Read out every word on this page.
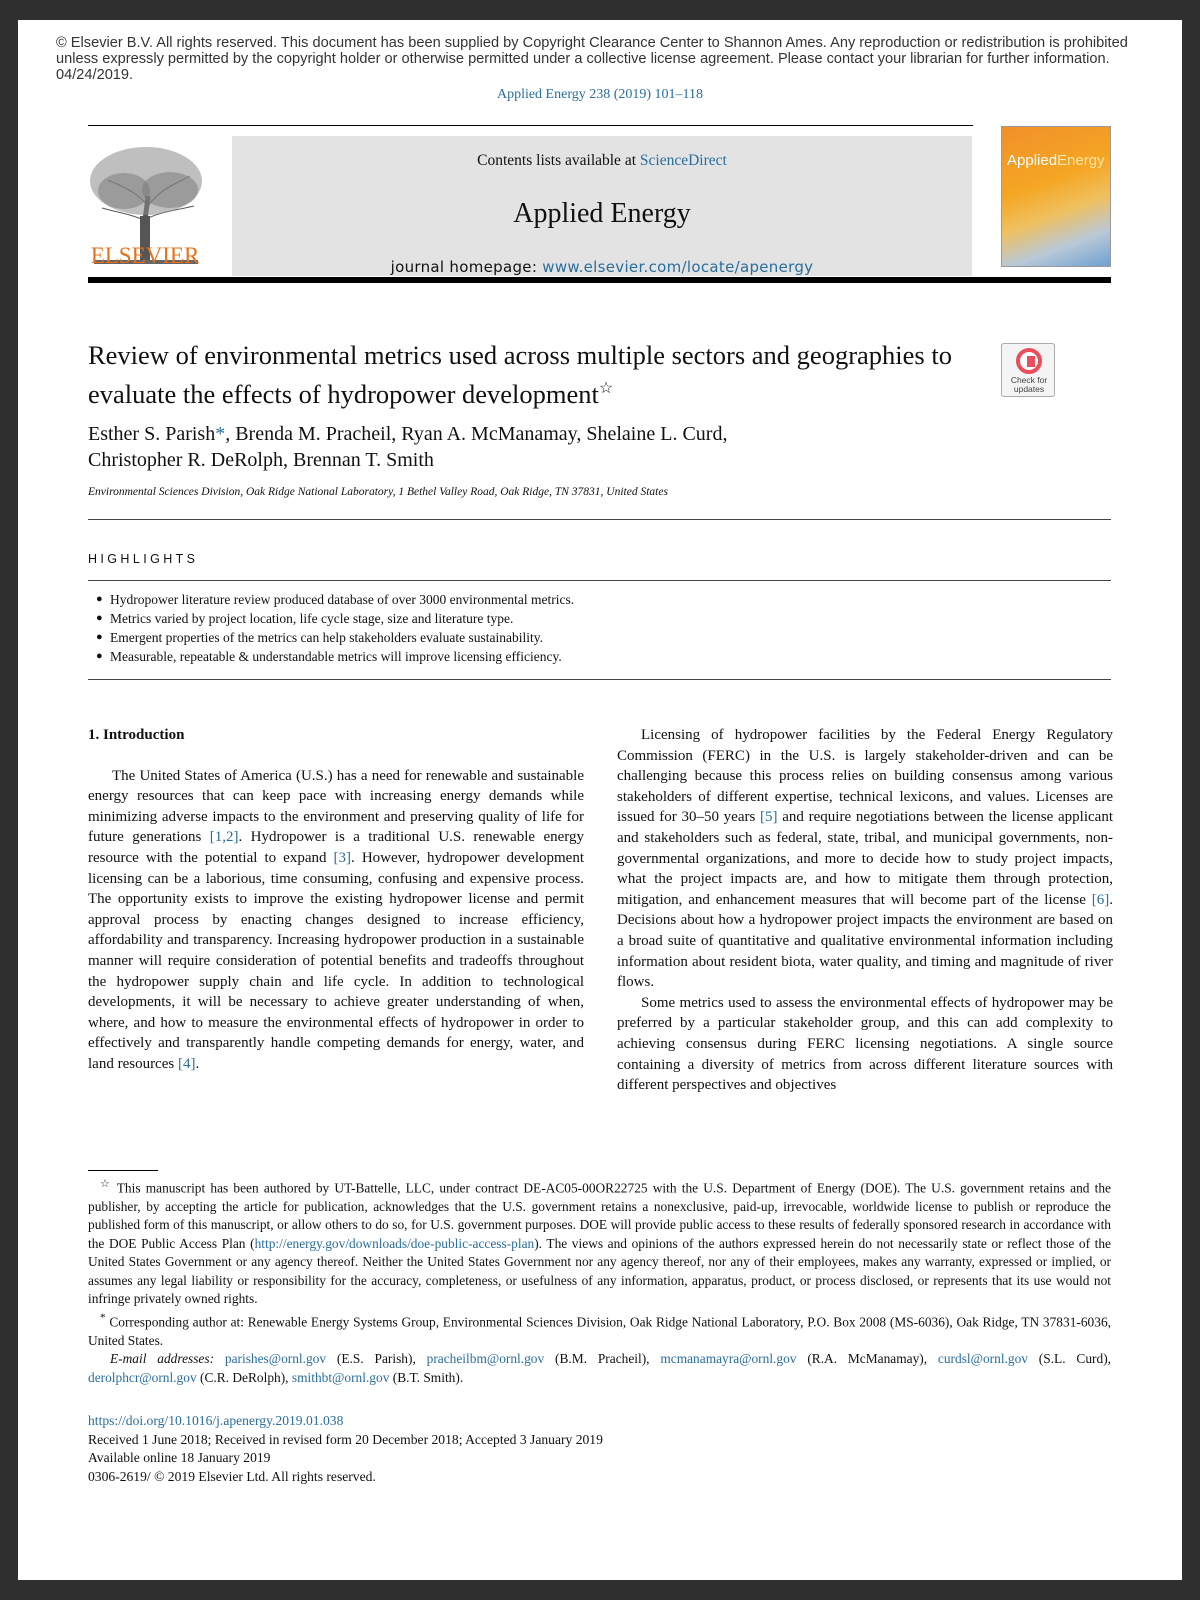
© Elsevier B.V. All rights reserved. This document has been supplied by Copyright Clearance Center to Shannon Ames. Any reproduction or redistribution is prohibited unless expressly permitted by the copyright holder or otherwise permitted under a collective license agreement. Please contact your librarian for further information. 04/24/2019.
Applied Energy 238 (2019) 101–118
ELSEVIER
Contents lists available at ScienceDirect
Applied Energy
journal homepage: www.elsevier.com/locate/apenergy
AppliedEnergy
Review of environmental metrics used across multiple sectors and geographies to evaluate the effects of hydropower development☆	Check for
updates
Esther S. Parish*, Brenda M. Pracheil, Ryan A. McManamay, Shelaine L. Curd,
Christopher R. DeRolph, Brennan T. Smith
Environmental Sciences Division, Oak Ridge National Laboratory, 1 Bethel Valley Road, Oak Ridge, TN 37831, United States
HIGHLIGHTS
● Hydropower literature review produced database of over 3000 environmental metrics.
● Metrics varied by project location, life cycle stage, size and literature type.
● Emergent properties of the metrics can help stakeholders evaluate sustainability.
● Measurable, repeatable & understandable metrics will improve licensing efficiency.
1. Introduction

The United States of America (U.S.) has a need for renewable and sustainable energy resources that can keep pace with increasing energy demands while minimizing adverse impacts to the environment and preserving quality of life for future generations [1,2]. Hydropower is a traditional U.S. renewable energy resource with the potential to expand [3]. However, hydropower development licensing can be a laborious, time consuming, confusing and expensive process. The opportunity exists to improve the existing hydropower license and permit approval process by enacting changes designed to increase efficiency, affordability and transparency. Increasing hydropower production in a sustainable manner will require consideration of potential benefits and tradeoffs throughout the hydropower supply chain and life cycle. In addition to technological developments, it will be necessary to achieve greater understanding of when, where, and how to measure the environmental effects of hydropower in order to effectively and transparently handle competing demands for energy, water, and land resources [4].

Licensing of hydropower facilities by the Federal Energy Regulatory Commission (FERC) in the U.S. is largely stakeholder-driven and can be challenging because this process relies on building consensus among various stakeholders of different expertise, technical lexicons, and values. Licenses are issued for 30–50 years [5] and require negotiations between the license applicant and stakeholders such as federal, state, tribal, and municipal governments, non-governmental organizations, and more to decide how to study project impacts, what the project impacts are, and how to mitigate them through protection, mitigation, and enhancement measures that will become part of the license [6]. Decisions about how a hydropower project impacts the environment are based on a broad suite of quantitative and qualitative environmental information including information about resident biota, water quality, and timing and magnitude of river flows.

Some metrics used to assess the environmental effects of hydropower may be preferred by a particular stakeholder group, and this can add complexity to achieving consensus during FERC licensing negotiations. A single source containing a diversity of metrics from across different literature sources with different perspectives and objectives

☆ This manuscript has been authored by UT-Battelle, LLC, under contract DE-AC05-00OR22725 with the U.S. Department of Energy (DOE). The U.S. government retains and the publisher, by accepting the article for publication, acknowledges that the U.S. government retains a nonexclusive, paid-up, irrevocable, worldwide license to publish or reproduce the published form of this manuscript, or allow others to do so, for U.S. government purposes. DOE will provide public access to these results of federally sponsored research in accordance with the DOE Public Access Plan (http://energy.gov/downloads/doe-public-access-plan). The views and opinions of the authors expressed herein do not necessarily state or reflect those of the United States Government or any agency thereof. Neither the United States Government nor any agency thereof, nor any of their employees, makes any warranty, expressed or implied, or assumes any legal liability or responsibility for the accuracy, completeness, or usefulness of any information, apparatus, product, or process disclosed, or represents that its use would not infringe privately owned rights.

* Corresponding author at: Renewable Energy Systems Group, Environmental Sciences Division, Oak Ridge National Laboratory, P.O. Box 2008 (MS-6036), Oak Ridge, TN 37831-6036, United States.

E-mail addresses: parishes@ornl.gov (E.S. Parish), pracheilbm@ornl.gov (B.M. Pracheil), mcmanamayra@ornl.gov (R.A. McManamay), curdsl@ornl.gov (S.L. Curd), derolphcr@ornl.gov (C.R. DeRolph), smithbt@ornl.gov (B.T. Smith).

https://doi.org/10.1016/j.apenergy.2019.01.038
Received 1 June 2018; Received in revised form 20 December 2018; Accepted 3 January 2019
Available online 18 January 2019
0306-2619/ © 2019 Elsevier Ltd. All rights reserved.
